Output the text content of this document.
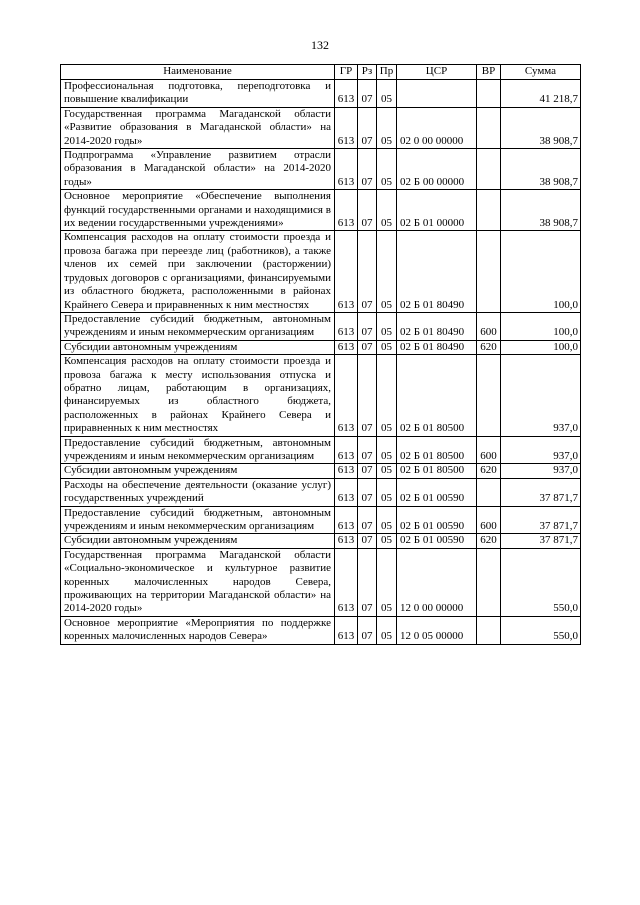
132
Наименование	ГР	Рз	Пр	ЦСР	ВР	Сумма
Профессиональная подготовка, переподготовка и повышение квалификации	613	07	05			41 218,7
Государственная программа Магаданской области «Развитие образования в Магаданской области» на 2014-2020 годы»	613	07	05	02 0 00 00000		38 908,7
Подпрограмма «Управление развитием отрасли образования в Магаданской области» на 2014-2020 годы»	613	07	05	02 Б 00 00000		38 908,7
Основное мероприятие «Обеспечение выполнения функций государственными органами и находящимися в их ведении государственными учреждениями»	613	07	05	02 Б 01 00000		38 908,7
Компенсация расходов на оплату стоимости проезда и провоза багажа при переезде лиц (работников), а также членов их семей при заключении (расторжении) трудовых договоров с организациями, финансируемыми из областного бюджета, расположенными в районах Крайнего Севера и приравненных к ним местностях	613	07	05	02 Б 01 80490		100,0
Предоставление субсидий бюджетным, автономным учреждениям и иным некоммерческим организациям	613	07	05	02 Б 01 80490	600	100,0
Субсидии автономным учреждениям	613	07	05	02 Б 01 80490	620	100,0
Компенсация расходов на оплату стоимости проезда и провоза багажа к месту использования отпуска и обратно лицам, работающим в организациях, финансируемых из областного бюджета, расположенных в районах Крайнего Севера и приравненных к ним местностях	613	07	05	02 Б 01 80500		937,0
Предоставление субсидий бюджетным, автономным учреждениям и иным некоммерческим организациям	613	07	05	02 Б 01 80500	600	937,0
Субсидии автономным учреждениям	613	07	05	02 Б 01 80500	620	937,0
Расходы на обеспечение деятельности (оказание услуг) государственных учреждений	613	07	05	02 Б 01 00590		37 871,7
Предоставление субсидий бюджетным, автономным учреждениям и иным некоммерческим организациям	613	07	05	02 Б 01 00590	600	37 871,7
Субсидии автономным учреждениям	613	07	05	02 Б 01 00590	620	37 871,7
Государственная программа Магаданской области «Социально-экономическое и культурное развитие коренных малочисленных народов Севера, проживающих на территории Магаданской области» на 2014-2020 годы»	613	07	05	12 0 00 00000		550,0
Основное мероприятие «Мероприятия по поддержке коренных малочисленных народов Севера»	613	07	05	12 0 05 00000		550,0
